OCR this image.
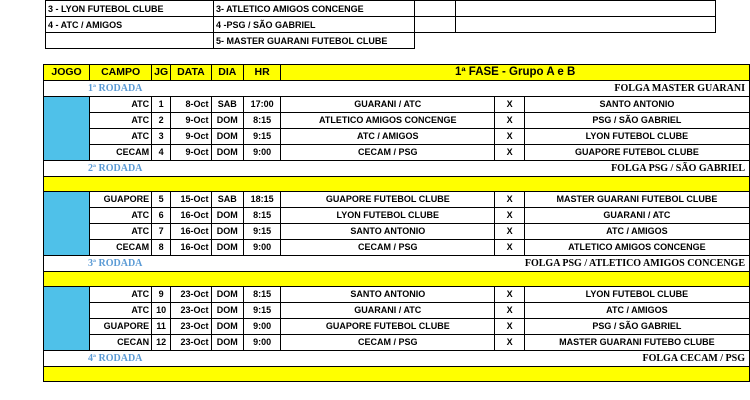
3 - LYON FUTEBOL CLUBE	3- ATLETICO AMIGOS CONCENGE		
4 - ATC / AMIGOS	4 -PSG / SÃO GABRIEL		
	5- MASTER GUARANI FUTEBOL CLUBE		
JOGO	CAMPO	JG	DATA	DIA	HR	1ª FASE - Grupo A e B		
1ª RODADA						FOLGA MASTER GUARANI		
	ATC	1	8-Oct	SAB	17:00	GUARANI / ATC	X	SANTO ANTONIO
	ATC	2	9-Oct	DOM	8:15	ATLETICO AMIGOS CONCENGE	X	PSG / SÃO GABRIEL
	ATC	3	9-Oct	DOM	9:15	ATC / AMIGOS	X	LYON FUTEBOL CLUBE
	CECAM	4	9-Oct	DOM	9:00	CECAM / PSG	X	GUAPORE FUTEBOL CLUBE
2ª RODADA						FOLGA PSG / SÃO GABRIEL		

	GUAPORE	5	15-Oct	SAB	18:15	GUAPORE FUTEBOL CLUBE	X	MASTER GUARANI FUTEBOL CLUBE
	ATC	6	16-Oct	DOM	8:15	LYON FUTEBOL CLUBE	X	GUARANI / ATC
	ATC	7	16-Oct	DOM	9:15	SANTO ANTONIO	X	ATC / AMIGOS
	CECAM	8	16-Oct	DOM	9:00	CECAM / PSG	X	ATLETICO AMIGOS CONCENGE
3ª RODADA						FOLGA PSG / ATLETICO AMIGOS CONCENGE		

	ATC	9	23-Oct	DOM	8:15	SANTO ANTONIO	X	LYON FUTEBOL CLUBE
	ATC	10	23-Oct	DOM	9:15	GUARANI / ATC	X	ATC / AMIGOS
	GUAPORE	11	23-Oct	DOM	9:00	GUAPORE FUTEBOL CLUBE	X	PSG / SÃO GABRIEL
	CECAN	12	23-Oct	DOM	9:00	CECAM / PSG	X	MASTER GUARANI FUTEBO CLUBE
4ª RODADA						FOLGA CECAM / PSG		
